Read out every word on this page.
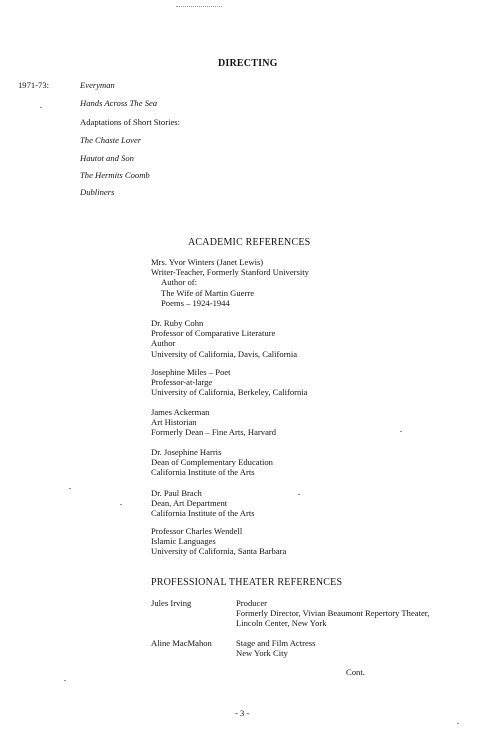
DIRECTING
1971-73:	Everyman
Hands Across The Sea
Adaptations of Short Stories:
The Chaste Lover
Hautot and Son
The Hermits Coomb
Dubliners
ACADEMIC REFERENCES
Mrs. Yvor Winters (Janet Lewis)
Writer-Teacher, Formerly Stanford University
Author of:
The Wife of Martin Guerre
Poems – 1924-1944
Dr. Ruby Cohn
Professor of Comparative Literature
Author
University of California, Davis, California
Josephine Miles – Poet
Professor-at-large
University of California, Berkeley, California
James Ackerman
Art Historian
Formerly Dean – Fine Arts, Harvard
Dr. Josephine Harris
Dean of Complementary Education
California Institute of the Arts
Dr. Paul Brach
Dean, Art Department
California Institute of the Arts
Professor Charles Wendell
Islamic Languages
University of California, Santa Barbara
PROFESSIONAL THEATER REFERENCES
Jules Irving	Producer
Formerly Director, Vivian Beaumont Repertory Theater,
Lincoln Center, New York
Aline MacMahon	Stage and Film Actress
New York City
Cont.
- 3 -
